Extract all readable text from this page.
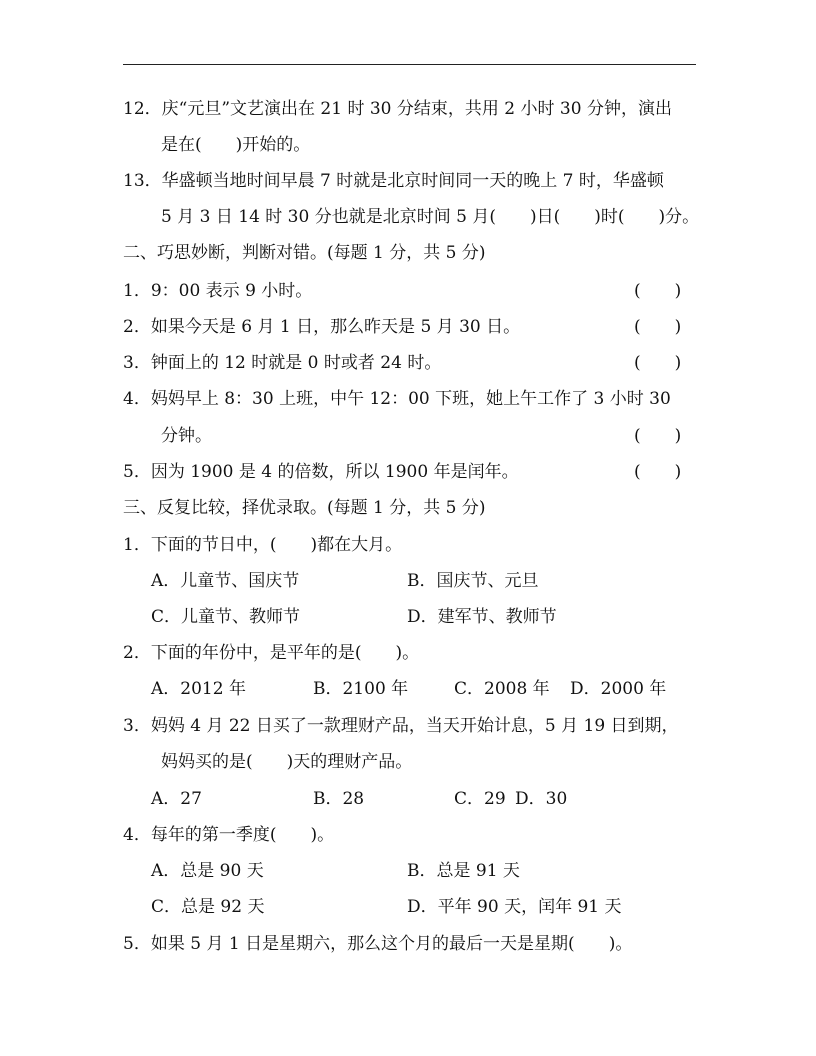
12．庆“元旦”文艺演出在 21 时 30 分结束，共用 2 小时 30 分钟，演出
是在(　　)开始的。
13．华盛顿当地时间早晨 7 时就是北京时间同一天的晚上 7 时，华盛顿
5 月 3 日 14 时 30 分也就是北京时间 5 月(　　)日(　　)时(　　)分。
二、巧思妙断，判断对错。(每题 1 分，共 5 分)
1．9：00 表示 9 小时。	(　　)
2．如果今天是 6 月 1 日，那么昨天是 5 月 30 日。	(　　)
3．钟面上的 12 时就是 0 时或者 24 时。	(　　)
4．妈妈早上 8：30 上班，中午 12：00 下班，她上午工作了 3 小时 30
分钟。	(　　)
5．因为 1900 是 4 的倍数，所以 1900 年是闰年。	(　　)
三、反复比较，择优录取。(每题 1 分，共 5 分)
1．下面的节日中，(　　)都在大月。
A．儿童节、国庆节	B．国庆节、元旦
C．儿童节、教师节	D．建军节、教师节
2．下面的年份中，是平年的是(　　)。
A．2012 年	B．2100 年	C．2008 年 D．2000 年
3．妈妈 4 月 22 日买了一款理财产品，当天开始计息，5 月 19 日到期，
妈妈买的是(　　)天的理财产品。
A．27	B．28	C．29 D．30
4．每年的第一季度(　　)。
A．总是 90 天	B．总是 91 天
C．总是 92 天	D．平年 90 天，闰年 91 天
5．如果 5 月 1 日是星期六，那么这个月的最后一天是星期(　　)。
